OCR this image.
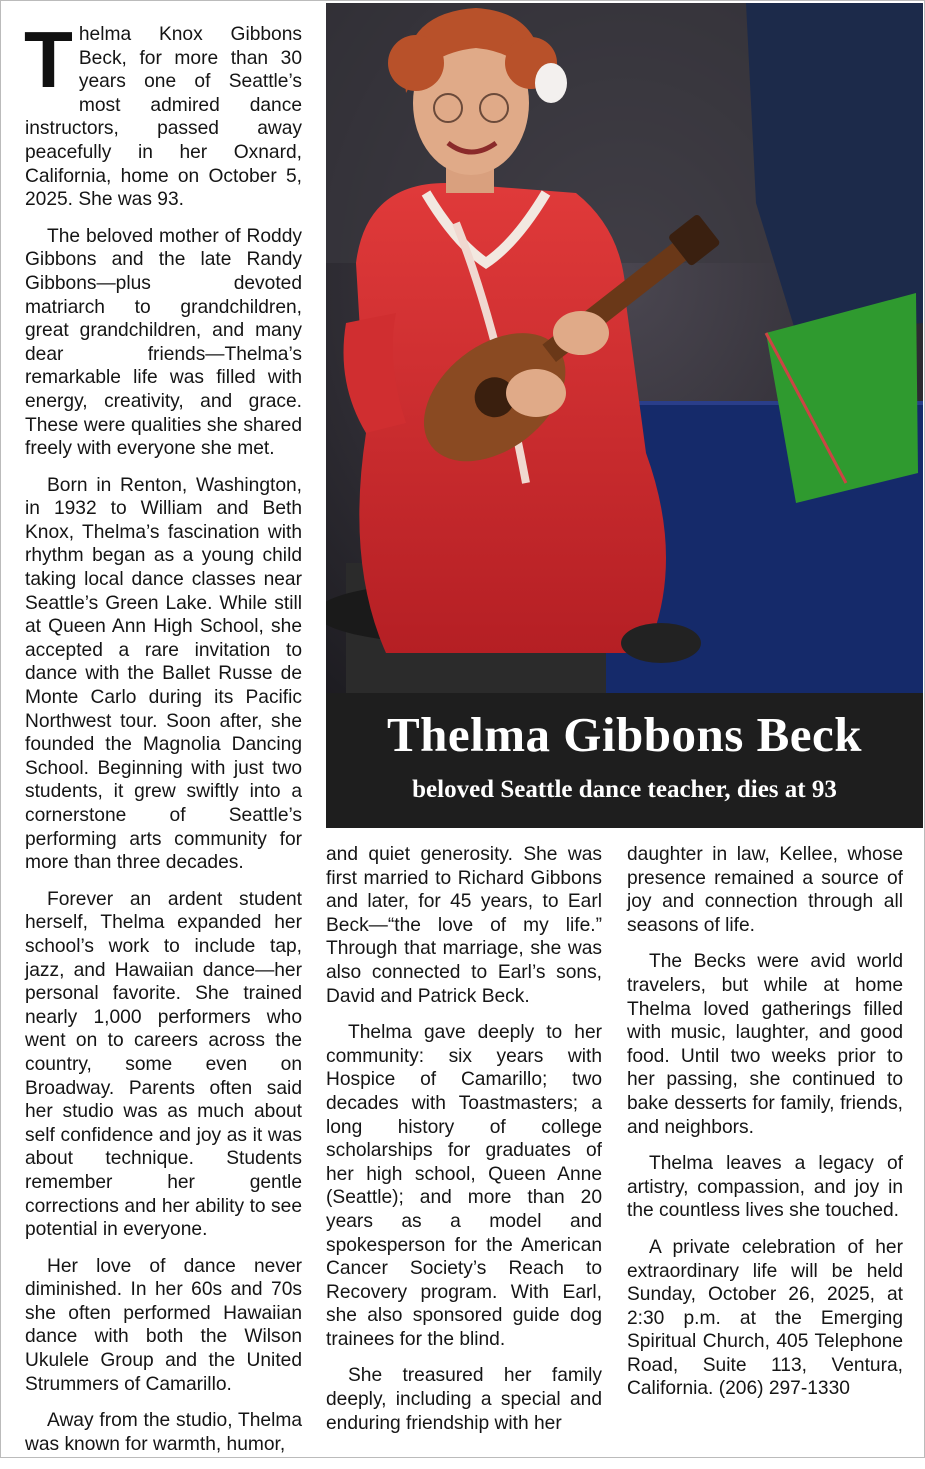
Thelma Knox Gibbons Beck, for more than 30 years one of Seattle’s most admired dance instructors, passed away peacefully in her Oxnard, California, home on October 5, 2025. She was 93.

The beloved mother of Roddy Gibbons and the late Randy Gibbons—plus devoted matriarch to grandchildren, great grandchildren, and many dear friends—Thelma’s remarkable life was filled with energy, creativity, and grace. These were qualities she shared freely with everyone she met.

Born in Renton, Washington, in 1932 to William and Beth Knox, Thelma’s fascination with rhythm began as a young child taking local dance classes near Seattle’s Green Lake. While still at Queen Ann High School, she accepted a rare invitation to dance with the Ballet Russe de Monte Carlo during its Pacific Northwest tour. Soon after, she founded the Magnolia Dancing School. Beginning with just two students, it grew swiftly into a cornerstone of Seattle’s performing arts community for more than three decades.

Forever an ardent student herself, Thelma expanded her school’s work to include tap, jazz, and Hawaiian dance—her personal favorite. She trained nearly 1,000 performers who went on to careers across the country, some even on Broadway. Parents often said her studio was as much about self confidence and joy as it was about technique. Students remember her gentle corrections and her ability to see potential in everyone.

Her love of dance never diminished. In her 60s and 70s she often performed Hawaiian dance with both the Wilson Ukulele Group and the United Strummers of Camarillo.

Away from the studio, Thelma was known for warmth, humor,

Thelma Gibbons Beck
beloved Seattle dance teacher, dies at 93

and quiet generosity. She was first married to Richard Gibbons and later, for 45 years, to Earl Beck—“the love of my life.” Through that marriage, she was also connected to Earl’s sons, David and Patrick Beck.

Thelma gave deeply to her community: six years with Hospice of Camarillo; two decades with Toastmasters; a long history of college scholarships for graduates of her high school, Queen Anne (Seattle); and more than 20 years as a model and spokesperson for the American Cancer Society’s Reach to Recovery program. With Earl, she also sponsored guide dog trainees for the blind.

She treasured her family deeply, including a special and enduring friendship with her

daughter in law, Kellee, whose presence remained a source of joy and connection through all seasons of life.

The Becks were avid world travelers, but while at home Thelma loved gatherings filled with music, laughter, and good food. Until two weeks prior to her passing, she continued to bake desserts for family, friends, and neighbors.

Thelma leaves a legacy of artistry, compassion, and joy in the countless lives she touched.

A private celebration of her extraordinary life will be held Sunday, October 26, 2025, at 2:30 p.m. at the Emerging Spiritual Church, 405 Telephone Road, Suite 113, Ventura, California. (206) 297-1330
